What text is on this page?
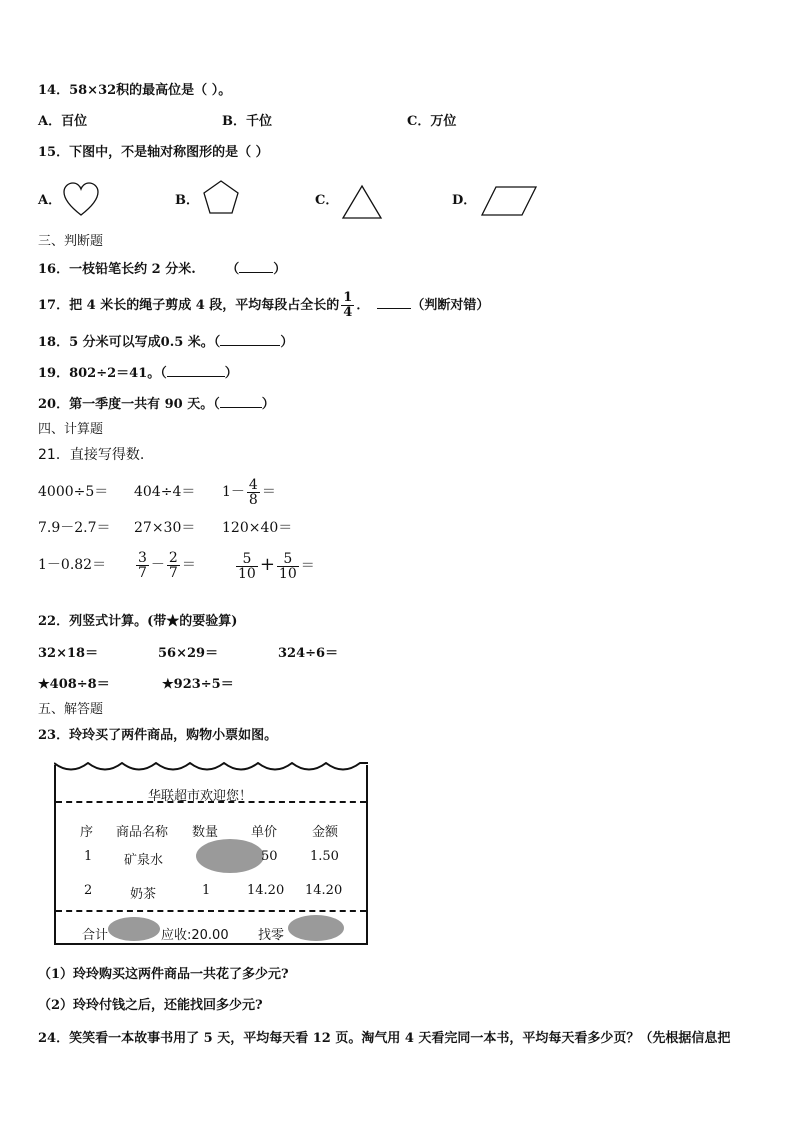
14．58×32积的最高位是（ ）。
A．百位	B．千位	C．万位
15．下图中，不是轴对称图形的是（ ）
A．	B．	C．	D．
三、判断题
16．一枝铅笔长约 2 分米. （	）
17．把 4 米长的绳子剪成 4 段，平均每段占全长的 $\frac{1}{4}$ ．	（判断对错）
18．5 分米可以写成0.5 米。（	）
19．802÷2＝41。（	）
20．第一季度一共有 90 天。（	）
四、计算题
21．直接写得数.
$4000\div 5= 404\div 4= 1- \frac{4}{8}$ ＝
7.9－2.7＝ 27×30＝ 120×40＝
$1-0.82= \frac{3}{7} - \frac{2}{7}$ ＝	$\frac{5}{10} + \frac{5}{10}$ ＝
22．列竖式计算。(带★的要验算)
32×18＝	56×29＝	324÷6＝
★408÷8＝	★923÷5＝
五、解答题
23．玲玲买了两件商品，购物小票如图。
华联超市欢迎您！
序 商品名称 数量	单价	金额
1 矿泉水	50 1.50
2	奶茶	1	14.20 14.20
合计	应收:20.00 找零
（1）玲玲购买这两件商品一共花了多少元?
（2）玲玲付钱之后，还能找回多少元?
24．笑笑看一本故事书用了 5 天，平均每天看 12 页。淘气用 4 天看完同一本书，平均每天看多少页？（先根据信息把
